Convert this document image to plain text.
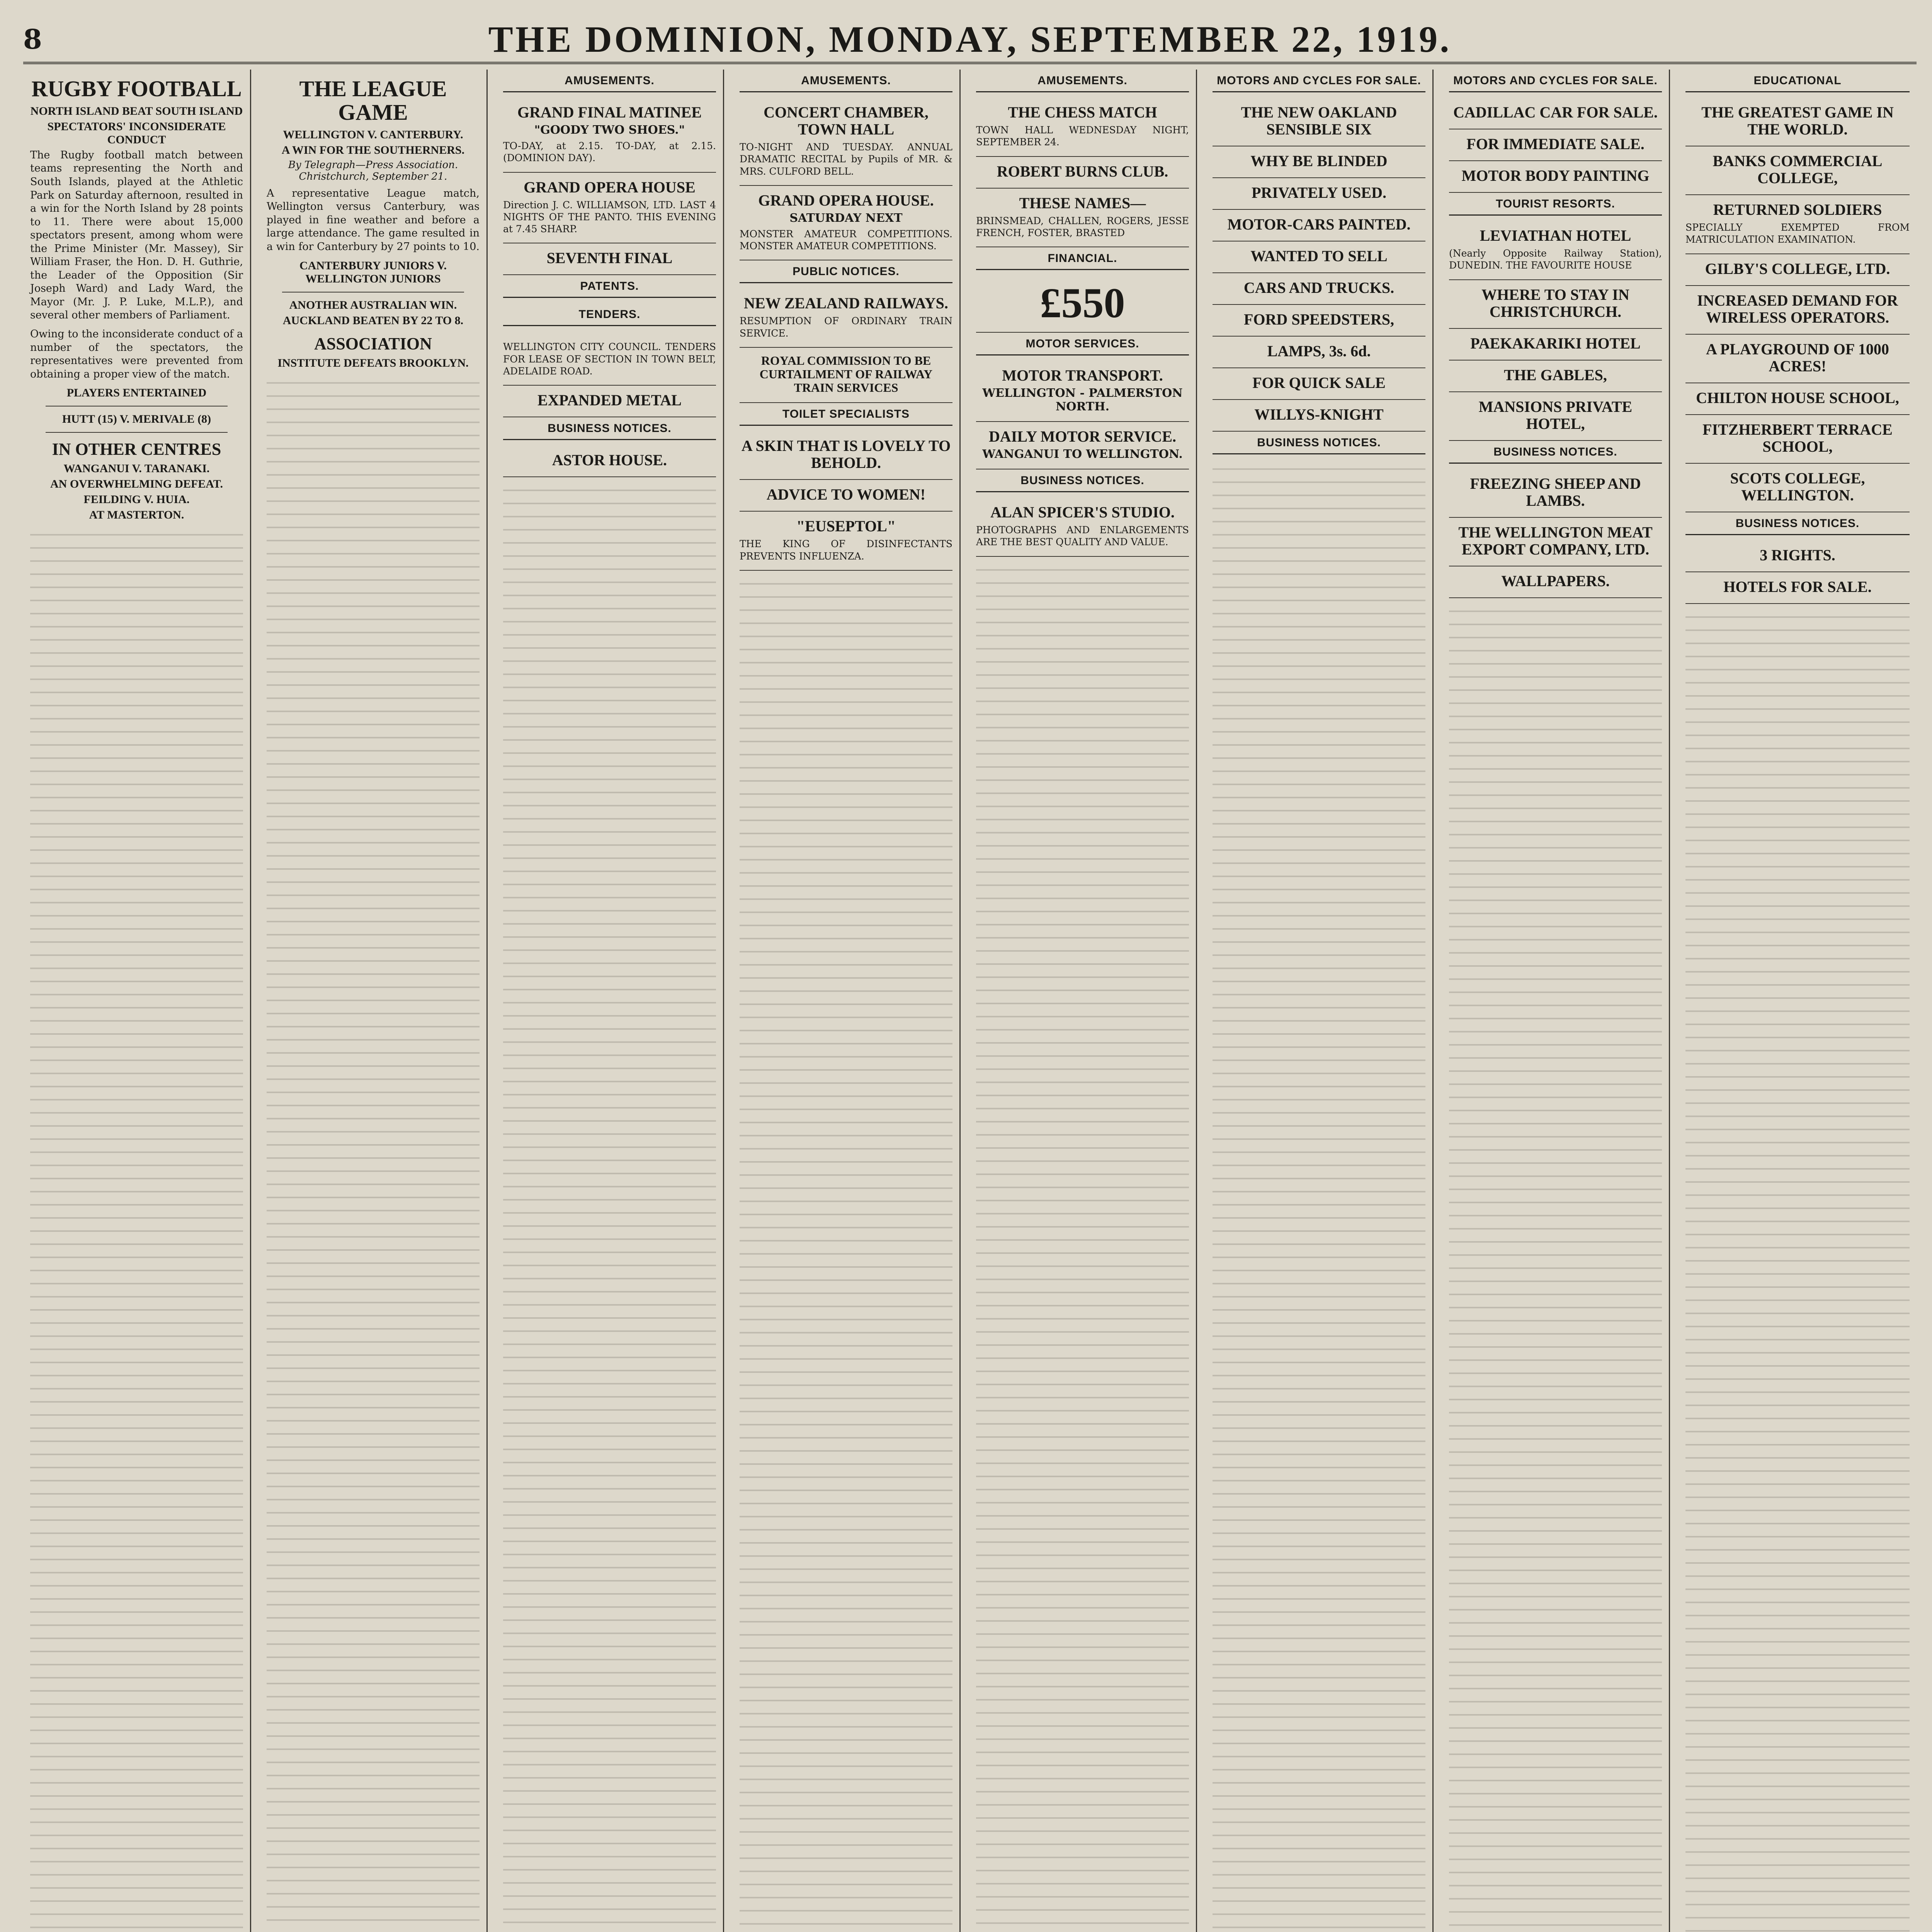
8	THE DOMINION, MONDAY, SEPTEMBER 22, 1919.
RUGBY FOOTBALL
NORTH ISLAND BEAT SOUTH ISLAND
SPECTATORS' INCONSIDERATE CONDUCT

The Rugby football match between teams representing the North and South Islands, played at the Athletic Park on Saturday afternoon, resulted in a win for the North Island by 28 points to 11. There were about 15,000 spectators present, among whom were the Prime Minister (Mr. Massey), Sir William Fraser, the Hon. D. H. Guthrie, the Leader of the Opposition (Sir Joseph Ward) and Lady Ward, the Mayor (Mr. J. P. Luke, M.L.P.), and several other members of Parliament.

Owing to the inconsiderate conduct of a number of the spectators, the representatives were prevented from obtaining a proper view of the match.

PLAYERS ENTERTAINED
HUTT (15) V. MERIVALE (8)
IN OTHER CENTRES
WANGANUI V. TARANAKI.
AN OVERWHELMING DEFEAT.
FEILDING V. HUIA.
AT MASTERTON.
THE LEAGUE GAME
WELLINGTON V. CANTERBURY.
A WIN FOR THE SOUTHERNERS.
By Telegraph—Press Association. Christchurch, September 21.

A representative League match, Wellington versus Canterbury, was played in fine weather and before a large attendance. The game resulted in a win for Canterbury by 27 points to 10.

CANTERBURY JUNIORS V. WELLINGTON JUNIORS
ANOTHER AUSTRALIAN WIN.
AUCKLAND BEATEN BY 22 TO 8.
ASSOCIATION
INSTITUTE DEFEATS BROOKLYN.
AMUSEMENTS.
GRAND FINAL MATINEE
"GOODY TWO SHOES."
TO-DAY, at 2.15. TO-DAY, at 2.15. (DOMINION DAY).
GRAND OPERA HOUSE
Direction J. C. WILLIAMSON, LTD. LAST 4 NIGHTS OF THE PANTO. THIS EVENING at 7.45 SHARP.
SEVENTH FINAL
PATENTS.
TENDERS.
WELLINGTON CITY COUNCIL. TENDERS FOR LEASE OF SECTION IN TOWN BELT, ADELAIDE ROAD.
EXPANDED METAL
BUSINESS NOTICES.
ASTOR HOUSE.
AMUSEMENTS.
CONCERT CHAMBER, TOWN HALL
TO-NIGHT AND TUESDAY. ANNUAL DRAMATIC RECITAL by Pupils of MR. & MRS. CULFORD BELL.
GRAND OPERA HOUSE.
SATURDAY NEXT
MONSTER AMATEUR COMPETITIONS. MONSTER AMATEUR COMPETITIONS.
PUBLIC NOTICES.
NEW ZEALAND RAILWAYS.
RESUMPTION OF ORDINARY TRAIN SERVICE.
ROYAL COMMISSION TO BE CURTAILMENT OF RAILWAY TRAIN SERVICES
TOILET SPECIALISTS
A SKIN THAT IS LOVELY TO BEHOLD.
ADVICE TO WOMEN!
"EUSEPTOL"
THE KING OF DISINFECTANTS PREVENTS INFLUENZA.
AMUSEMENTS.
THE CHESS MATCH
TOWN HALL WEDNESDAY NIGHT, SEPTEMBER 24.
ROBERT BURNS CLUB.
THESE NAMES—
BRINSMEAD, CHALLEN, ROGERS, JESSE FRENCH, FOSTER, BRASTED
FINANCIAL.
£550
MOTOR SERVICES.
MOTOR TRANSPORT.
WELLINGTON - PALMERSTON NORTH.
DAILY MOTOR SERVICE.
WANGANUI TO WELLINGTON.
BUSINESS NOTICES.
ALAN SPICER'S STUDIO.
PHOTOGRAPHS AND ENLARGEMENTS ARE THE BEST QUALITY AND VALUE.
MOTORS AND CYCLES FOR SALE.
THE NEW OAKLAND SENSIBLE SIX
WHY BE BLINDED
PRIVATELY USED.
MOTOR-CARS PAINTED.
WANTED TO SELL
CARS AND TRUCKS.
FORD SPEEDSTERS,
LAMPS, 3s. 6d.
FOR QUICK SALE
WILLYS-KNIGHT
BUSINESS NOTICES.
MOTORS AND CYCLES FOR SALE.
CADILLAC CAR FOR SALE.
FOR IMMEDIATE SALE.
MOTOR BODY PAINTING
TOURIST RESORTS.
LEVIATHAN HOTEL
(Nearly Opposite Railway Station), DUNEDIN. THE FAVOURITE HOUSE
WHERE TO STAY IN CHRISTCHURCH.
PAEKAKARIKI HOTEL
THE GABLES,
MANSIONS PRIVATE HOTEL,
BUSINESS NOTICES.
FREEZING SHEEP AND LAMBS.
THE WELLINGTON MEAT EXPORT COMPANY, LTD.
WALLPAPERS.
EDUCATIONAL
THE GREATEST GAME IN THE WORLD.
BANKS COMMERCIAL COLLEGE,
RETURNED SOLDIERS
SPECIALLY EXEMPTED FROM MATRICULATION EXAMINATION.
GILBY'S COLLEGE, LTD.
INCREASED DEMAND FOR WIRELESS OPERATORS.
A PLAYGROUND OF 1000 ACRES!
CHILTON HOUSE SCHOOL,
FITZHERBERT TERRACE SCHOOL,
SCOTS COLLEGE, WELLINGTON.
BUSINESS NOTICES.
3 RIGHTS.
HOTELS FOR SALE.
